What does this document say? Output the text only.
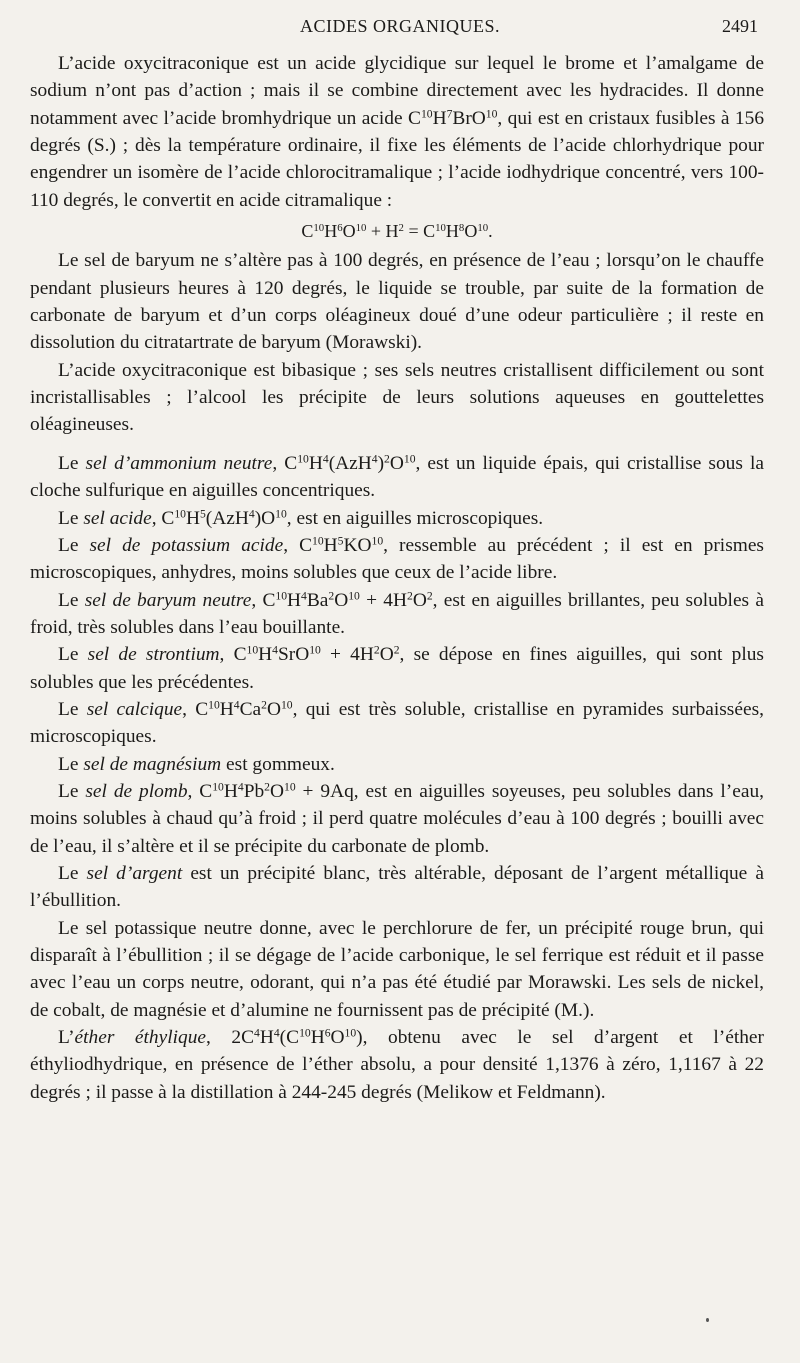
ACIDES ORGANIQUES.	2491

L’acide oxycitraconique est un acide glycidique sur lequel le brome et l’amalgame de sodium n’ont pas d’action ; mais il se combine directement avec les hydracides. Il donne notamment avec l’acide bromhydrique un acide $C^{10}H^7BrO^{10}$, qui est en cristaux fusibles à 156 degrés (S.) ; dès la température ordinaire, il fixe les éléments de l’acide chlorhydrique pour engendrer un isomère de l’acide chlorocitramalique ; l’acide iodhydrique concentré, vers 100-110 degrés, le convertit en acide citramalique :

$C^{10}H^6O^{10} + H^2 = C^{10}H^8O^{10}$.

Le sel de baryum ne s’altère pas à 100 degrés, en présence de l’eau ; lorsqu’on le chauffe pendant plusieurs heures à 120 degrés, le liquide se trouble, par suite de la formation de carbonate de baryum et d’un corps oléagineux doué d’une odeur particulière ; il reste en dissolution du citratartrate de baryum (Morawski).

L’acide oxycitraconique est bibasique ; ses sels neutres cristallisent difficilement ou sont incristallisables ; l’alcool les précipite de leurs solutions aqueuses en gouttelettes oléagineuses.

Le sel d’ammonium neutre, $C^{10}H^4(AzH^4)^2O^{10}$, est un liquide épais, qui cristallise sous la cloche sulfurique en aiguilles concentriques.

Le sel acide, $C^{10}H^5(AzH^4)O^{10}$, est en aiguilles microscopiques.

Le sel de potassium acide, $C^{10}H^5KO^{10}$, ressemble au précédent ; il est en prismes microscopiques, anhydres, moins solubles que ceux de l’acide libre.

Le sel de baryum neutre, $C^{10}H^4Ba^2O^{10} + 4H^2O^2$, est en aiguilles brillantes, peu solubles à froid, très solubles dans l’eau bouillante.

Le sel de strontium, $C^{10}H^4SrO^{10} + 4H^2O^2$, se dépose en fines aiguilles, qui sont plus solubles que les précédentes.

Le sel calcique, $C^{10}H^4Ca^2O^{10}$, qui est très soluble, cristallise en pyramides surbaissées, microscopiques.

Le sel de magnésium est gommeux.

Le sel de plomb, $C^{10}H^4Pb^2O^{10} + 9Aq$, est en aiguilles soyeuses, peu solubles dans l’eau, moins solubles à chaud qu’à froid ; il perd quatre molécules d’eau à 100 degrés ; bouilli avec de l’eau, il s’altère et il se précipite du carbonate de plomb.

Le sel d’argent est un précipité blanc, très altérable, déposant de l’argent métallique à l’ébullition.

Le sel potassique neutre donne, avec le perchlorure de fer, un précipité rouge brun, qui disparaît à l’ébullition ; il se dégage de l’acide carbonique, le sel ferrique est réduit et il passe avec l’eau un corps neutre, odorant, qui n’a pas été étudié par Morawski. Les sels de nickel, de cobalt, de magnésie et d’alumine ne fournissent pas de précipité (M.).

L’éther éthylique, $2C^4H^4(C^{10}H^6O^{10})$, obtenu avec le sel d’argent et l’éther éthyliodhydrique, en présence de l’éther absolu, a pour densité 1,1376 à zéro, 1,1167 à 22 degrés ; il passe à la distillation à 244-245 degrés (Melikow et Feldmann).
